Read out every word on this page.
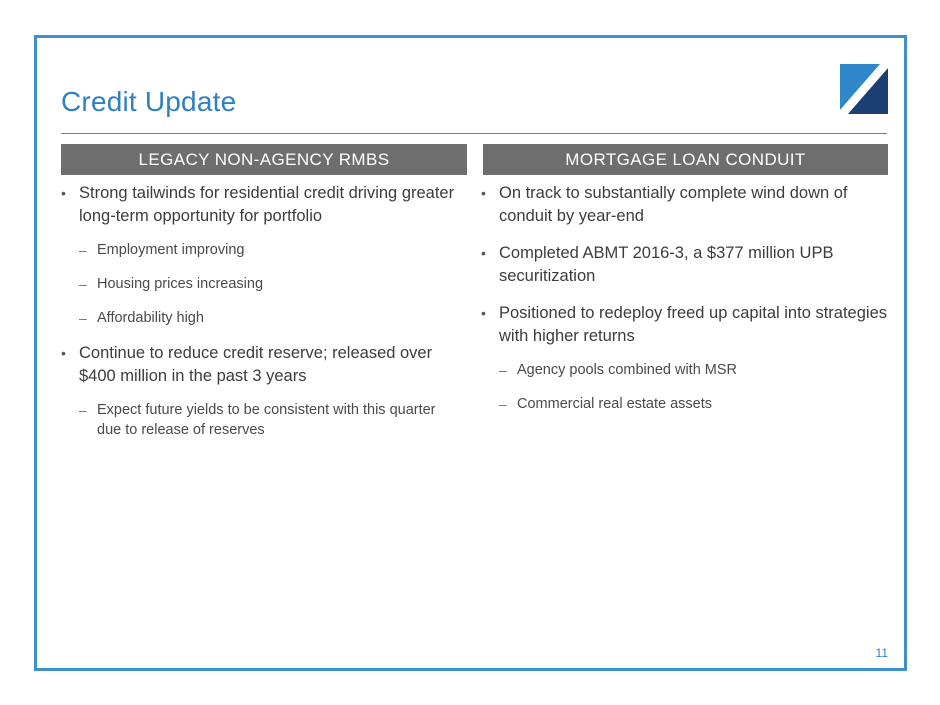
Credit Update
LEGACY NON-AGENCY RMBS	MORTGAGE LOAN CONDUIT
• Strong tailwinds for residential credit driving greater long-term opportunity for portfolio
– Employment improving
– Housing prices increasing
– Affordability high
• Continue to reduce credit reserve; released over $400 million in the past 3 years
– Expect future yields to be consistent with this quarter due to release of reserves
• On track to substantially complete wind down of conduit by year-end
• Completed ABMT 2016-3, a $377 million UPB securitization
• Positioned to redeploy freed up capital into strategies with higher returns
– Agency pools combined with MSR
– Commercial real estate assets
11
